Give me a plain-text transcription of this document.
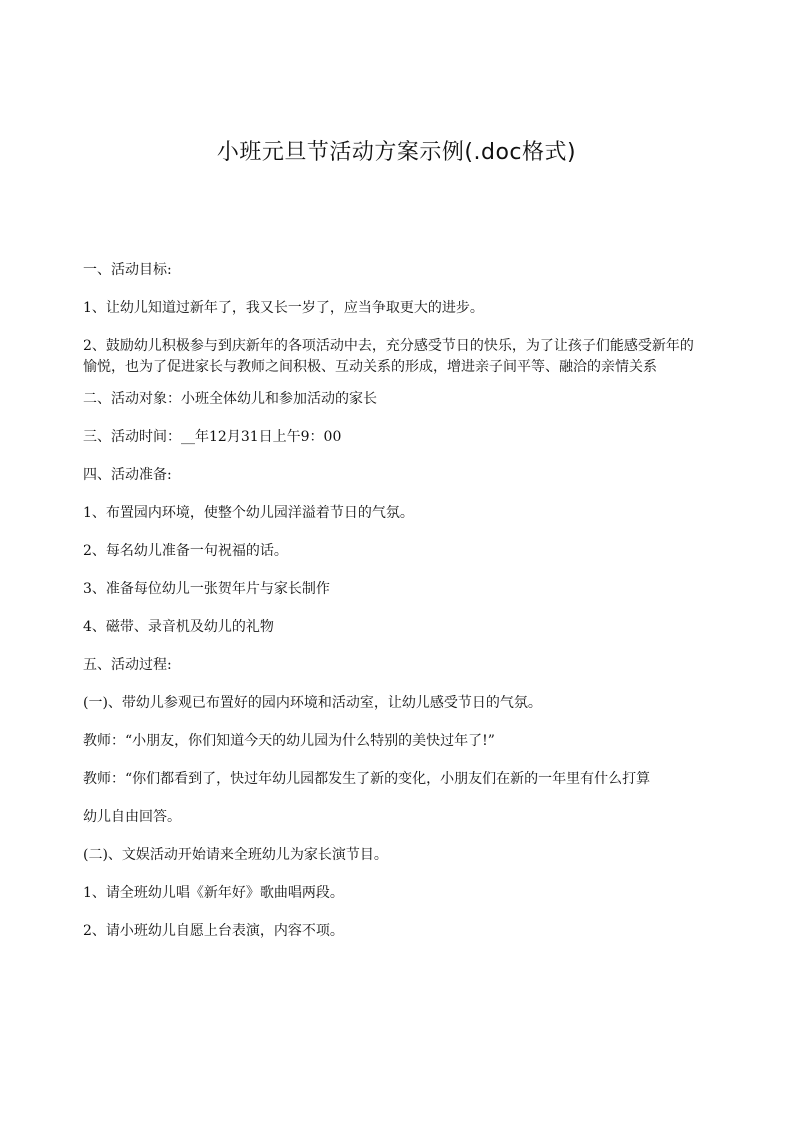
小班元旦节活动方案示例(.doc格式)

一、活动目标:

1、让幼儿知道过新年了，我又长一岁了，应当争取更大的进步。

2、鼓励幼儿积极参与到庆新年的各项活动中去，充分感受节日的快乐，为了让孩子们能感受新年的愉悦，也为了促进家长与教师之间积极、互动关系的形成，增进亲子间平等、融洽的亲情关系

二、活动对象：小班全体幼儿和参加活动的家长

三、活动时间：__年12月31日上午9：00

四、活动准备:

1、布置园内环境，使整个幼儿园洋溢着节日的气氛。

2、每名幼儿准备一句祝福的话。

3、准备每位幼儿一张贺年片与家长制作

4、磁带、录音机及幼儿的礼物

五、活动过程:

(一)、带幼儿参观已布置好的园内环境和活动室，让幼儿感受节日的气氛。

教师：“小朋友，你们知道今天的幼儿园为什么特别的美快过年了!”

教师：“你们都看到了，快过年幼儿园都发生了新的变化，小朋友们在新的一年里有什么打算

幼儿自由回答。

(二)、文娱活动开始请来全班幼儿为家长演节目。

1、请全班幼儿唱《新年好》歌曲唱两段。

2、请小班幼儿自愿上台表演，内容不项。
